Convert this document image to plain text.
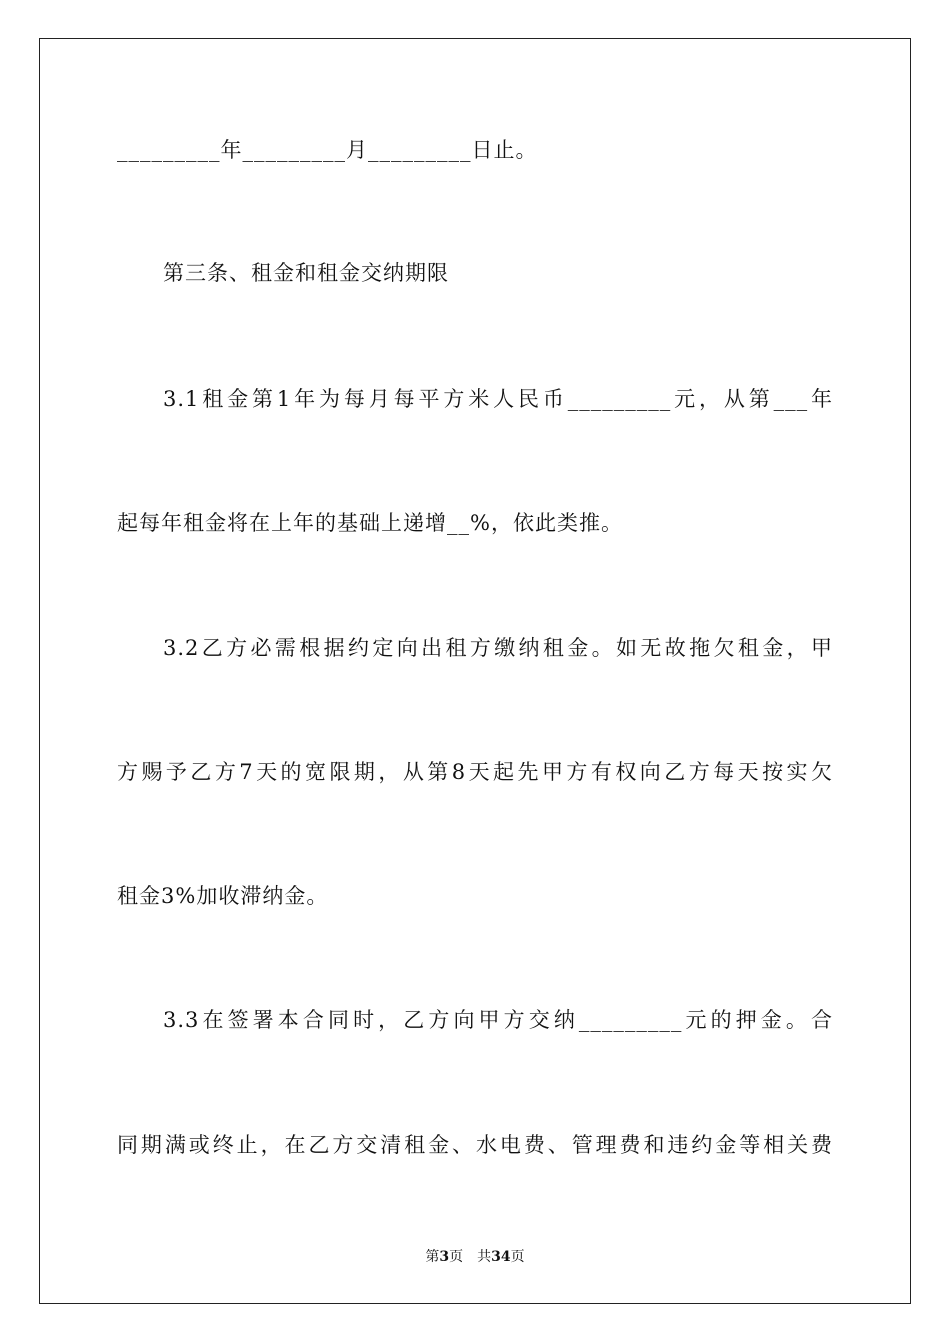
_________年_________月_________日止。
第三条、租金和租金交纳期限
3.1租金第1年为每月每平方米人民币_________元，从第___年
起每年租金将在上年的基础上递增__%，依此类推。
3.2乙方必需根据约定向出租方缴纳租金。如无故拖欠租金，甲
方赐予乙方7天的宽限期，从第8天起先甲方有权向乙方每天按实欠
租金3%加收滞纳金。
3.3在签署本合同时，乙方向甲方交纳_________元的押金。合
同期满或终止，在乙方交清租金、水电费、管理费和违约金等相关费
第3页 共34页
